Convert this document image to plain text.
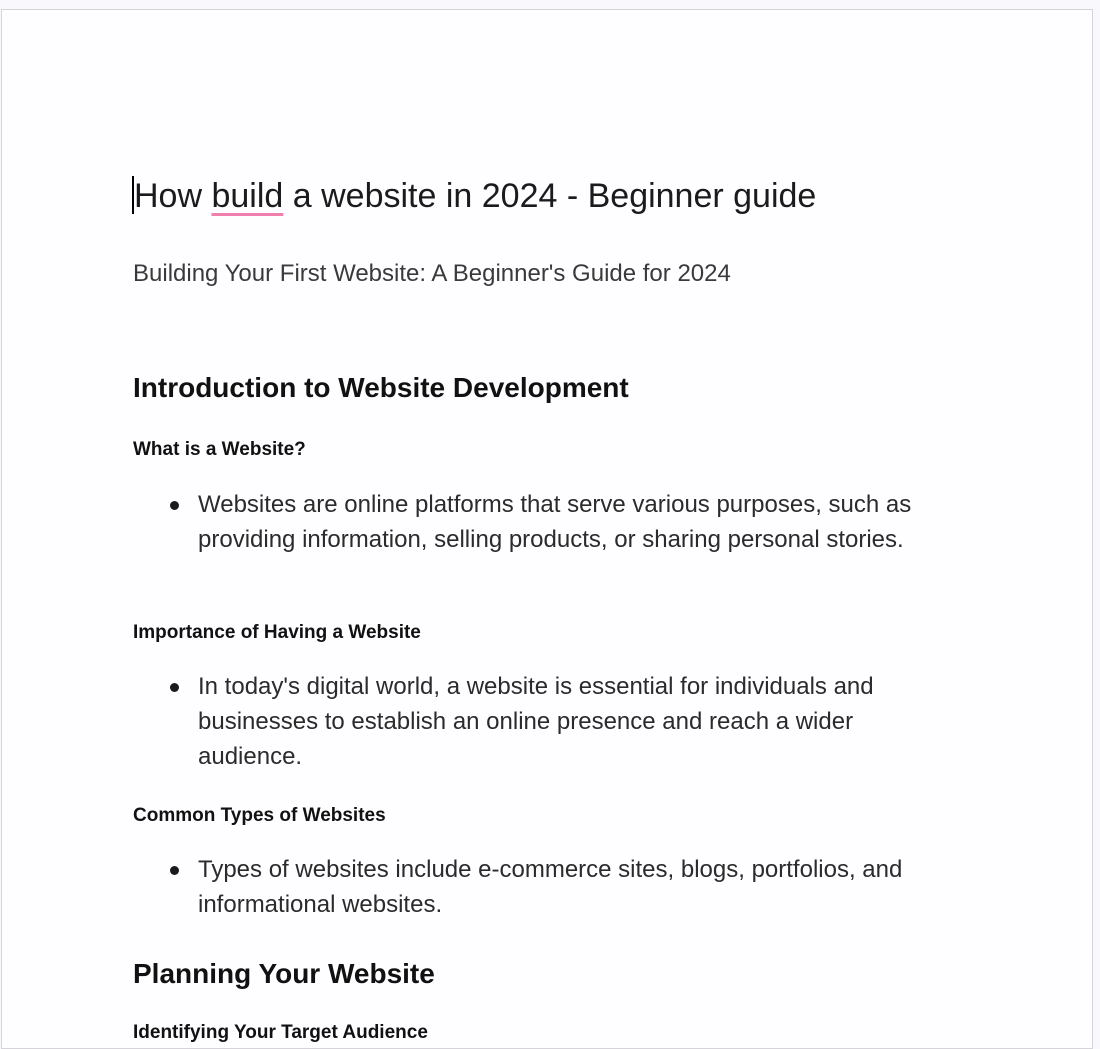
How build a website in 2024 - Beginner guide

Building Your First Website: A Beginner's Guide for 2024

Introduction to Website Development
What is a Website?
Websites are online platforms that serve various purposes, such as providing information, selling products, or sharing personal stories.
Importance of Having a Website
In today's digital world, a website is essential for individuals and businesses to establish an online presence and reach a wider audience.
Common Types of Websites
Types of websites include e-commerce sites, blogs, portfolios, and informational websites.
Planning Your Website
Identifying Your Target Audience
